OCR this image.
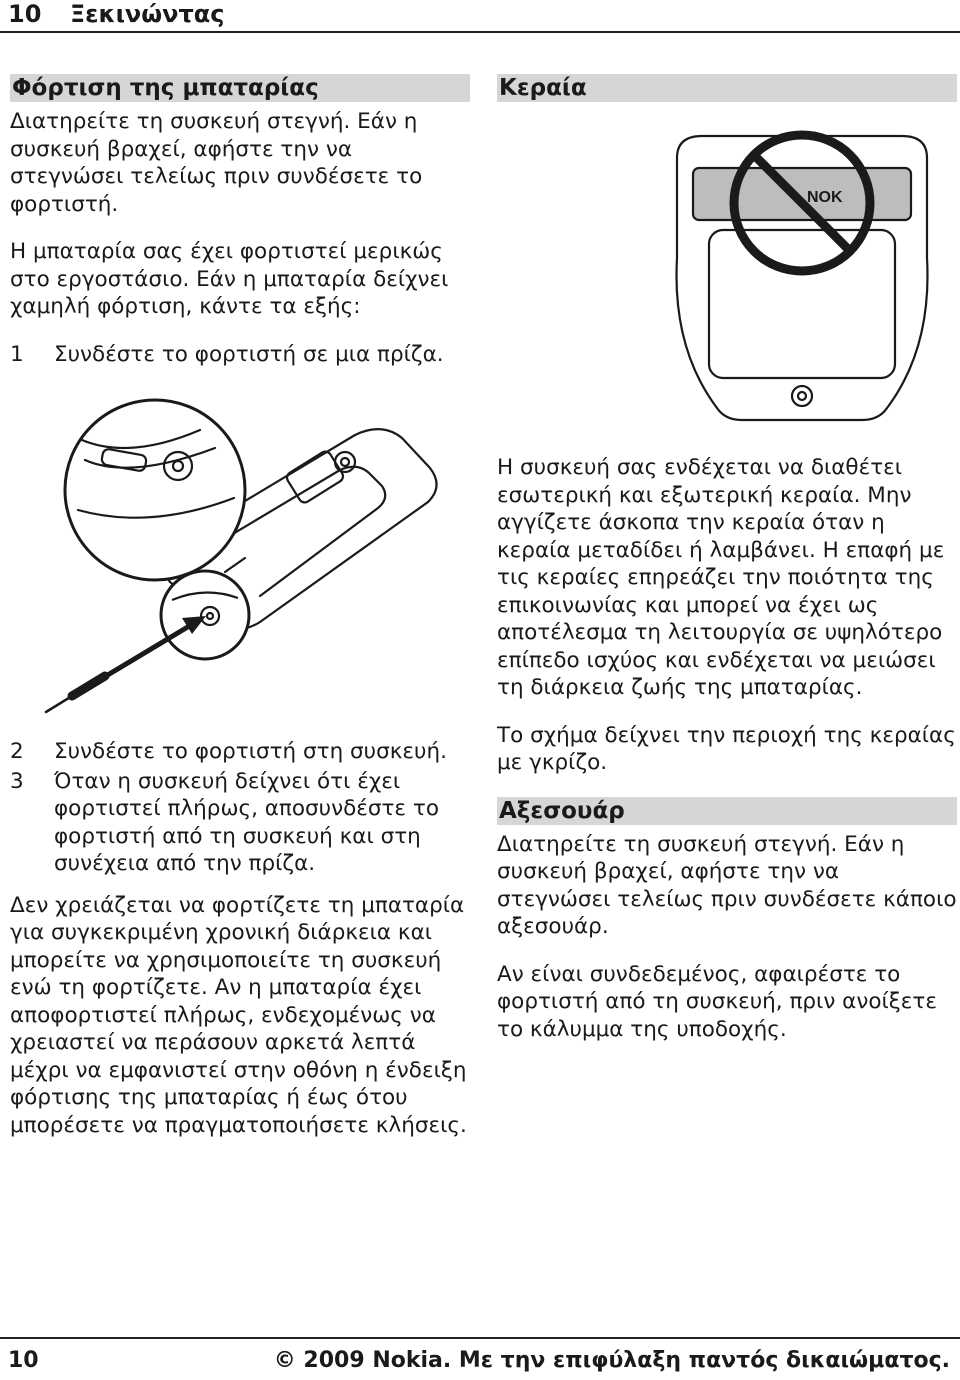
10 Ξεκινώντας
Φόρτιση της μπαταρίας

Διατηρείτε τη συσκευή στεγνή. Εάν η συσκευή βραχεί, αφήστε την να στεγνώσει τελείως πριν συνδέσετε το φορτιστή.

Η μπαταρία σας έχει φορτιστεί μερικώς στο εργοστάσιο. Εάν η μπαταρία δείχνει χαμηλή φόρτιση, κάντε τα εξής:

1	Συνδέστε το φορτιστή σε μια πρίζα.
2	Συνδέστε το φορτιστή στη συσκευή.
3	Όταν η συσκευή δείχνει ότι έχει φορτιστεί πλήρως, αποσυνδέστε το φορτιστή από τη συσκευή και στη συνέχεια από την πρίζα.

Δεν χρειάζεται να φορτίζετε τη μπαταρία για συγκεκριμένη χρονική διάρκεια και μπορείτε να χρησιμοποιείτε τη συσκευή ενώ τη φορτίζετε. Αν η μπαταρία έχει αποφορτιστεί πλήρως, ενδεχομένως να χρειαστεί να περάσουν αρκετά λεπτά μέχρι να εμφανιστεί στην οθόνη η ένδειξη φόρτισης της μπαταρίας ή έως ότου μπορέσετε να πραγματοποιήσετε κλήσεις.

Κεραία
NOK

Η συσκευή σας ενδέχεται να διαθέτει εσωτερική και εξωτερική κεραία. Μην αγγίζετε άσκοπα την κεραία όταν η κεραία μεταδίδει ή λαμβάνει. Η επαφή με τις κεραίες επηρεάζει την ποιότητα της επικοινωνίας και μπορεί να έχει ως αποτέλεσμα τη λειτουργία σε υψηλότερο επίπεδο ισχύος και ενδέχεται να μειώσει τη διάρκεια ζωής της μπαταρίας.

Το σχήμα δείχνει την περιοχή της κεραίας με γκρίζο.

Αξεσουάρ

Διατηρείτε τη συσκευή στεγνή. Εάν η συσκευή βραχεί, αφήστε την να στεγνώσει τελείως πριν συνδέσετε κάποιο αξεσουάρ.

Αν είναι συνδεδεμένος, αφαιρέστε το φορτιστή από τη συσκευή, πριν ανοίξετε το κάλυμμα της υποδοχής.

10	© 2009 Nokia. Με την επιφύλαξη παντός δικαιώματος.
